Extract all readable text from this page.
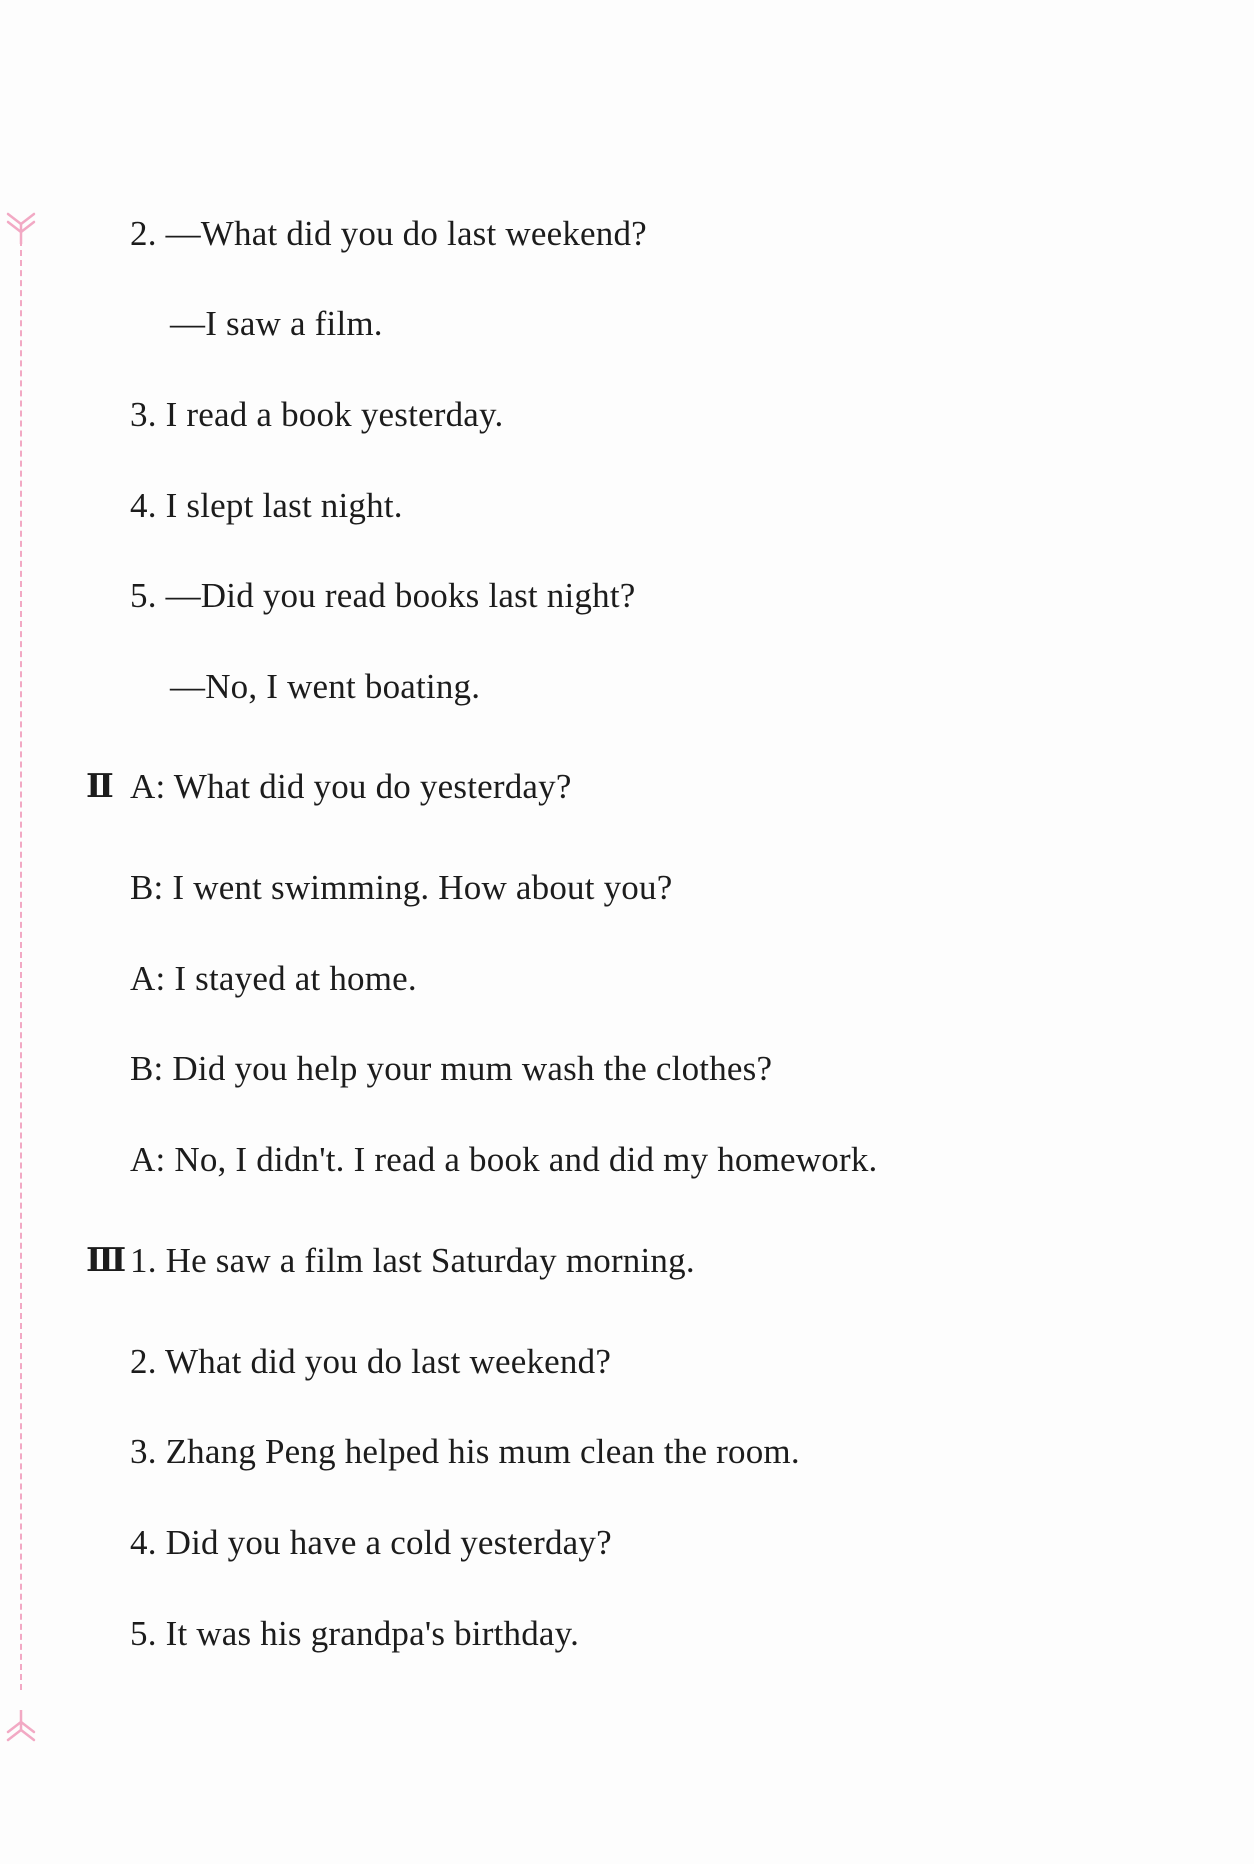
2. —What did you do last weekend?
—I saw a film.
3. I read a book yesterday.
4. I slept last night.
5. —Did you read books last night?
—No, I went boating.
Ⅱ A: What did you do yesterday?
B: I went swimming. How about you?
A: I stayed at home.
B: Did you help your mum wash the clothes?
A: No, I didn't. I read a book and did my homework.
Ⅲ 1. He saw a film last Saturday morning.
2. What did you do last weekend?
3. Zhang Peng helped his mum clean the room.
4. Did you have a cold yesterday?
5. It was his grandpa's birthday.
